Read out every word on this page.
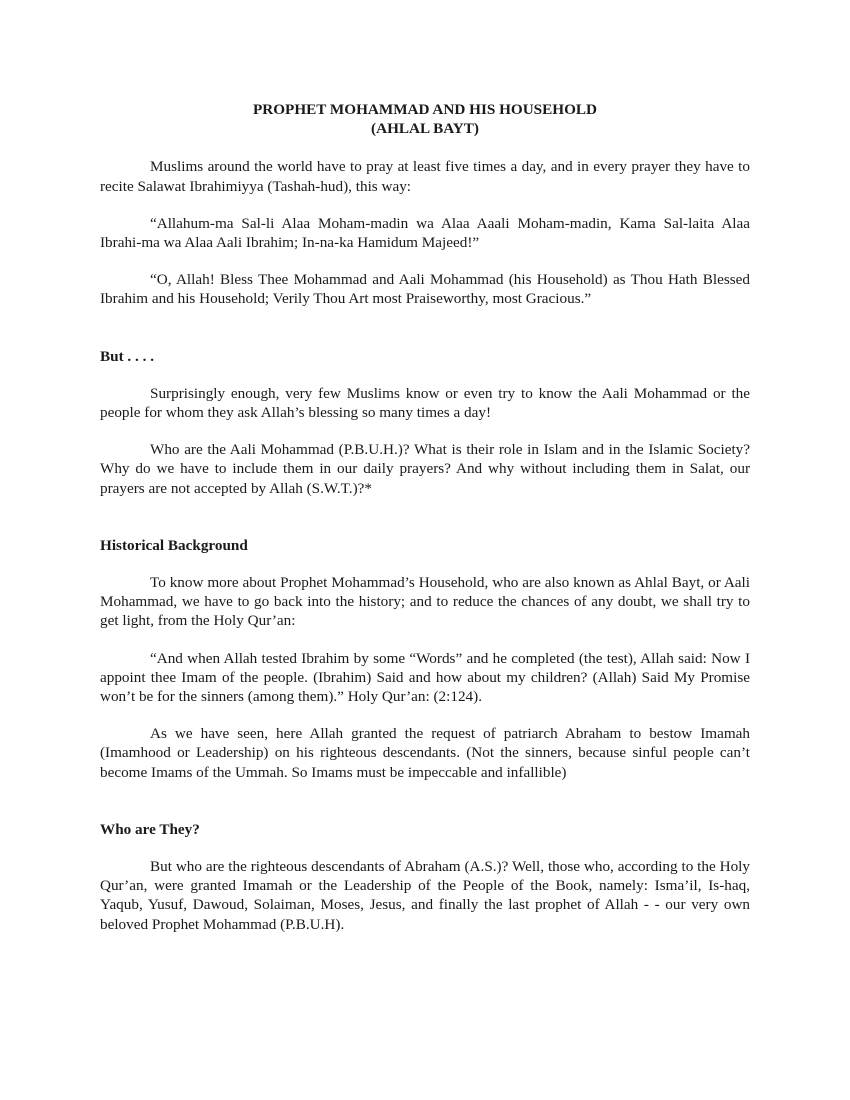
PROPHET MOHAMMAD AND HIS HOUSEHOLD
(AHLAL BAYT)

Muslims around the world have to pray at least five times a day, and in every prayer they have to recite Salawat Ibrahimiyya (Tashah-hud), this way:

“Allahum-ma Sal-li Alaa Moham-madin wa Alaa Aaali Moham-madin, Kama Sal-laita Alaa Ibrahi-ma wa Alaa Aali Ibrahim; In-na-ka Hamidum Majeed!”

“O, Allah! Bless Thee Mohammad and Aali Mohammad (his Household) as Thou Hath Blessed Ibrahim and his Household; Verily Thou Art most Praiseworthy, most Gracious.”

But . . . .

Surprisingly enough, very few Muslims know or even try to know the Aali Mohammad or the people for whom they ask Allah’s blessing so many times a day!

Who are the Aali Mohammad (P.B.U.H.)? What is their role in Islam and in the Islamic Society? Why do we have to include them in our daily prayers? And why without including them in Salat, our prayers are not accepted by Allah (S.W.T.)?*

Historical Background

To know more about Prophet Mohammad’s Household, who are also known as Ahlal Bayt, or Aali Mohammad, we have to go back into the history; and to reduce the chances of any doubt, we shall try to get light, from the Holy Qur’an:

“And when Allah tested Ibrahim by some “Words” and he completed (the test), Allah said: Now I appoint thee Imam of the people. (Ibrahim) Said and how about my children? (Allah) Said My Promise won’t be for the sinners (among them).” Holy Qur’an: (2:124).

As we have seen, here Allah granted the request of patriarch Abraham to bestow Imamah (Imamhood or Leadership) on his righteous descendants. (Not the sinners, because sinful people can’t become Imams of the Ummah. So Imams must be impeccable and infallible)

Who are They?

But who are the righteous descendants of Abraham (A.S.)? Well, those who, according to the Holy Qur’an, were granted Imamah or the Leadership of the People of the Book, namely: Isma’il, Is-haq, Yaqub, Yusuf, Dawoud, Solaiman, Moses, Jesus, and finally the last prophet of Allah - - our very own beloved Prophet Mohammad (P.B.U.H).
